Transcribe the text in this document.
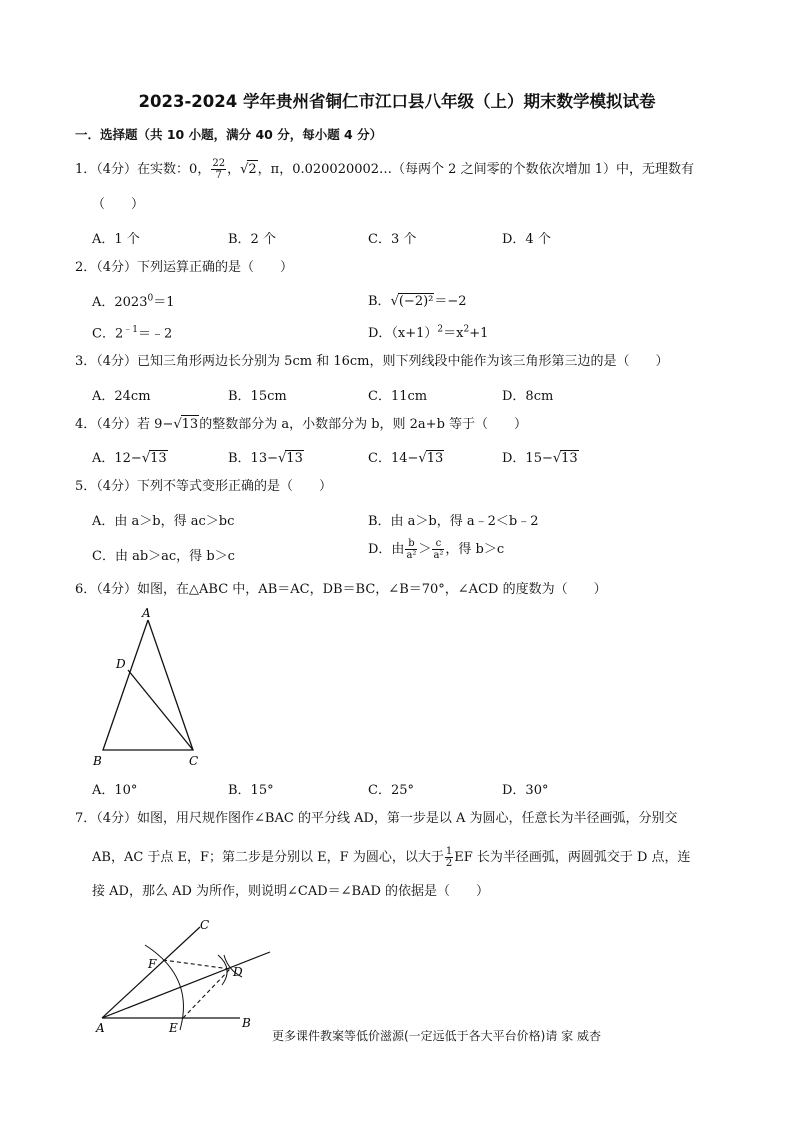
2023-2024 学年贵州省铜仁市江口县八年级（上）期末数学模拟试卷
一．选择题（共 10 小题，满分 40 分，每小题 4 分）
1．（4分）在实数：0， $\frac{22}{7}$ ，√2，π，0.020020002…（每两个 2 之间零的个数依次增加 1）中，无理数有
（　　）
A．1 个	B．2 个	C．3 个	D．4 个
2．（4分）下列运算正确的是（　　）
A．$2023^0=1$	B．√(−2)²＝−2
C．$2^{﹣1}=﹣2$	D．$(x+1)^2=x^2+1$
3．（4分）已知三角形两边长分别为 5cm 和 16cm，则下列线段中能作为该三角形第三边的是（　　）
A．24cm	B．15cm	C．11cm	D．8cm
4．（4分）若 9−√13的整数部分为 a，小数部分为 b，则 2a+b 等于（　　）
A．12−√13	B．13−√13	C．14−√13	D．15−√13
5．（4分）下列不等式变形正确的是（　　）
A．由 a＞b，得 ac＞bc	B．由 a＞b，得 a﹣2＜b﹣2
C．由 ab＞ac，得 b＞c	D．由 $\frac{b}{\text{a²}} > \frac{c}{\text{a²}}$ ，得 b＞c
6．（4分）如图，在△ABC 中，AB＝AC，DB＝BC，∠B＝70°，∠ACD 的度数为（　　）
A
D
B	C
A．10°	B．15°	C．25°	D．30°
7．（4分）如图，用尺规作图作∠BAC 的平分线 AD，第一步是以 A 为圆心，任意长为半径画弧，分别交
AB，AC 于点 E，F；第二步是分别以 E，F 为圆心，以大于 $\frac{1}{2}$ EF 长为半径画弧，两圆弧交于 D 点，连
接 AD，那么 AD 为所作，则说明∠CAD＝∠BAD 的依据是（　　）
C
F
D
A	E	B
更多课件教案等低价滋源(一定远低于各大平台价格)请 家 威杏
